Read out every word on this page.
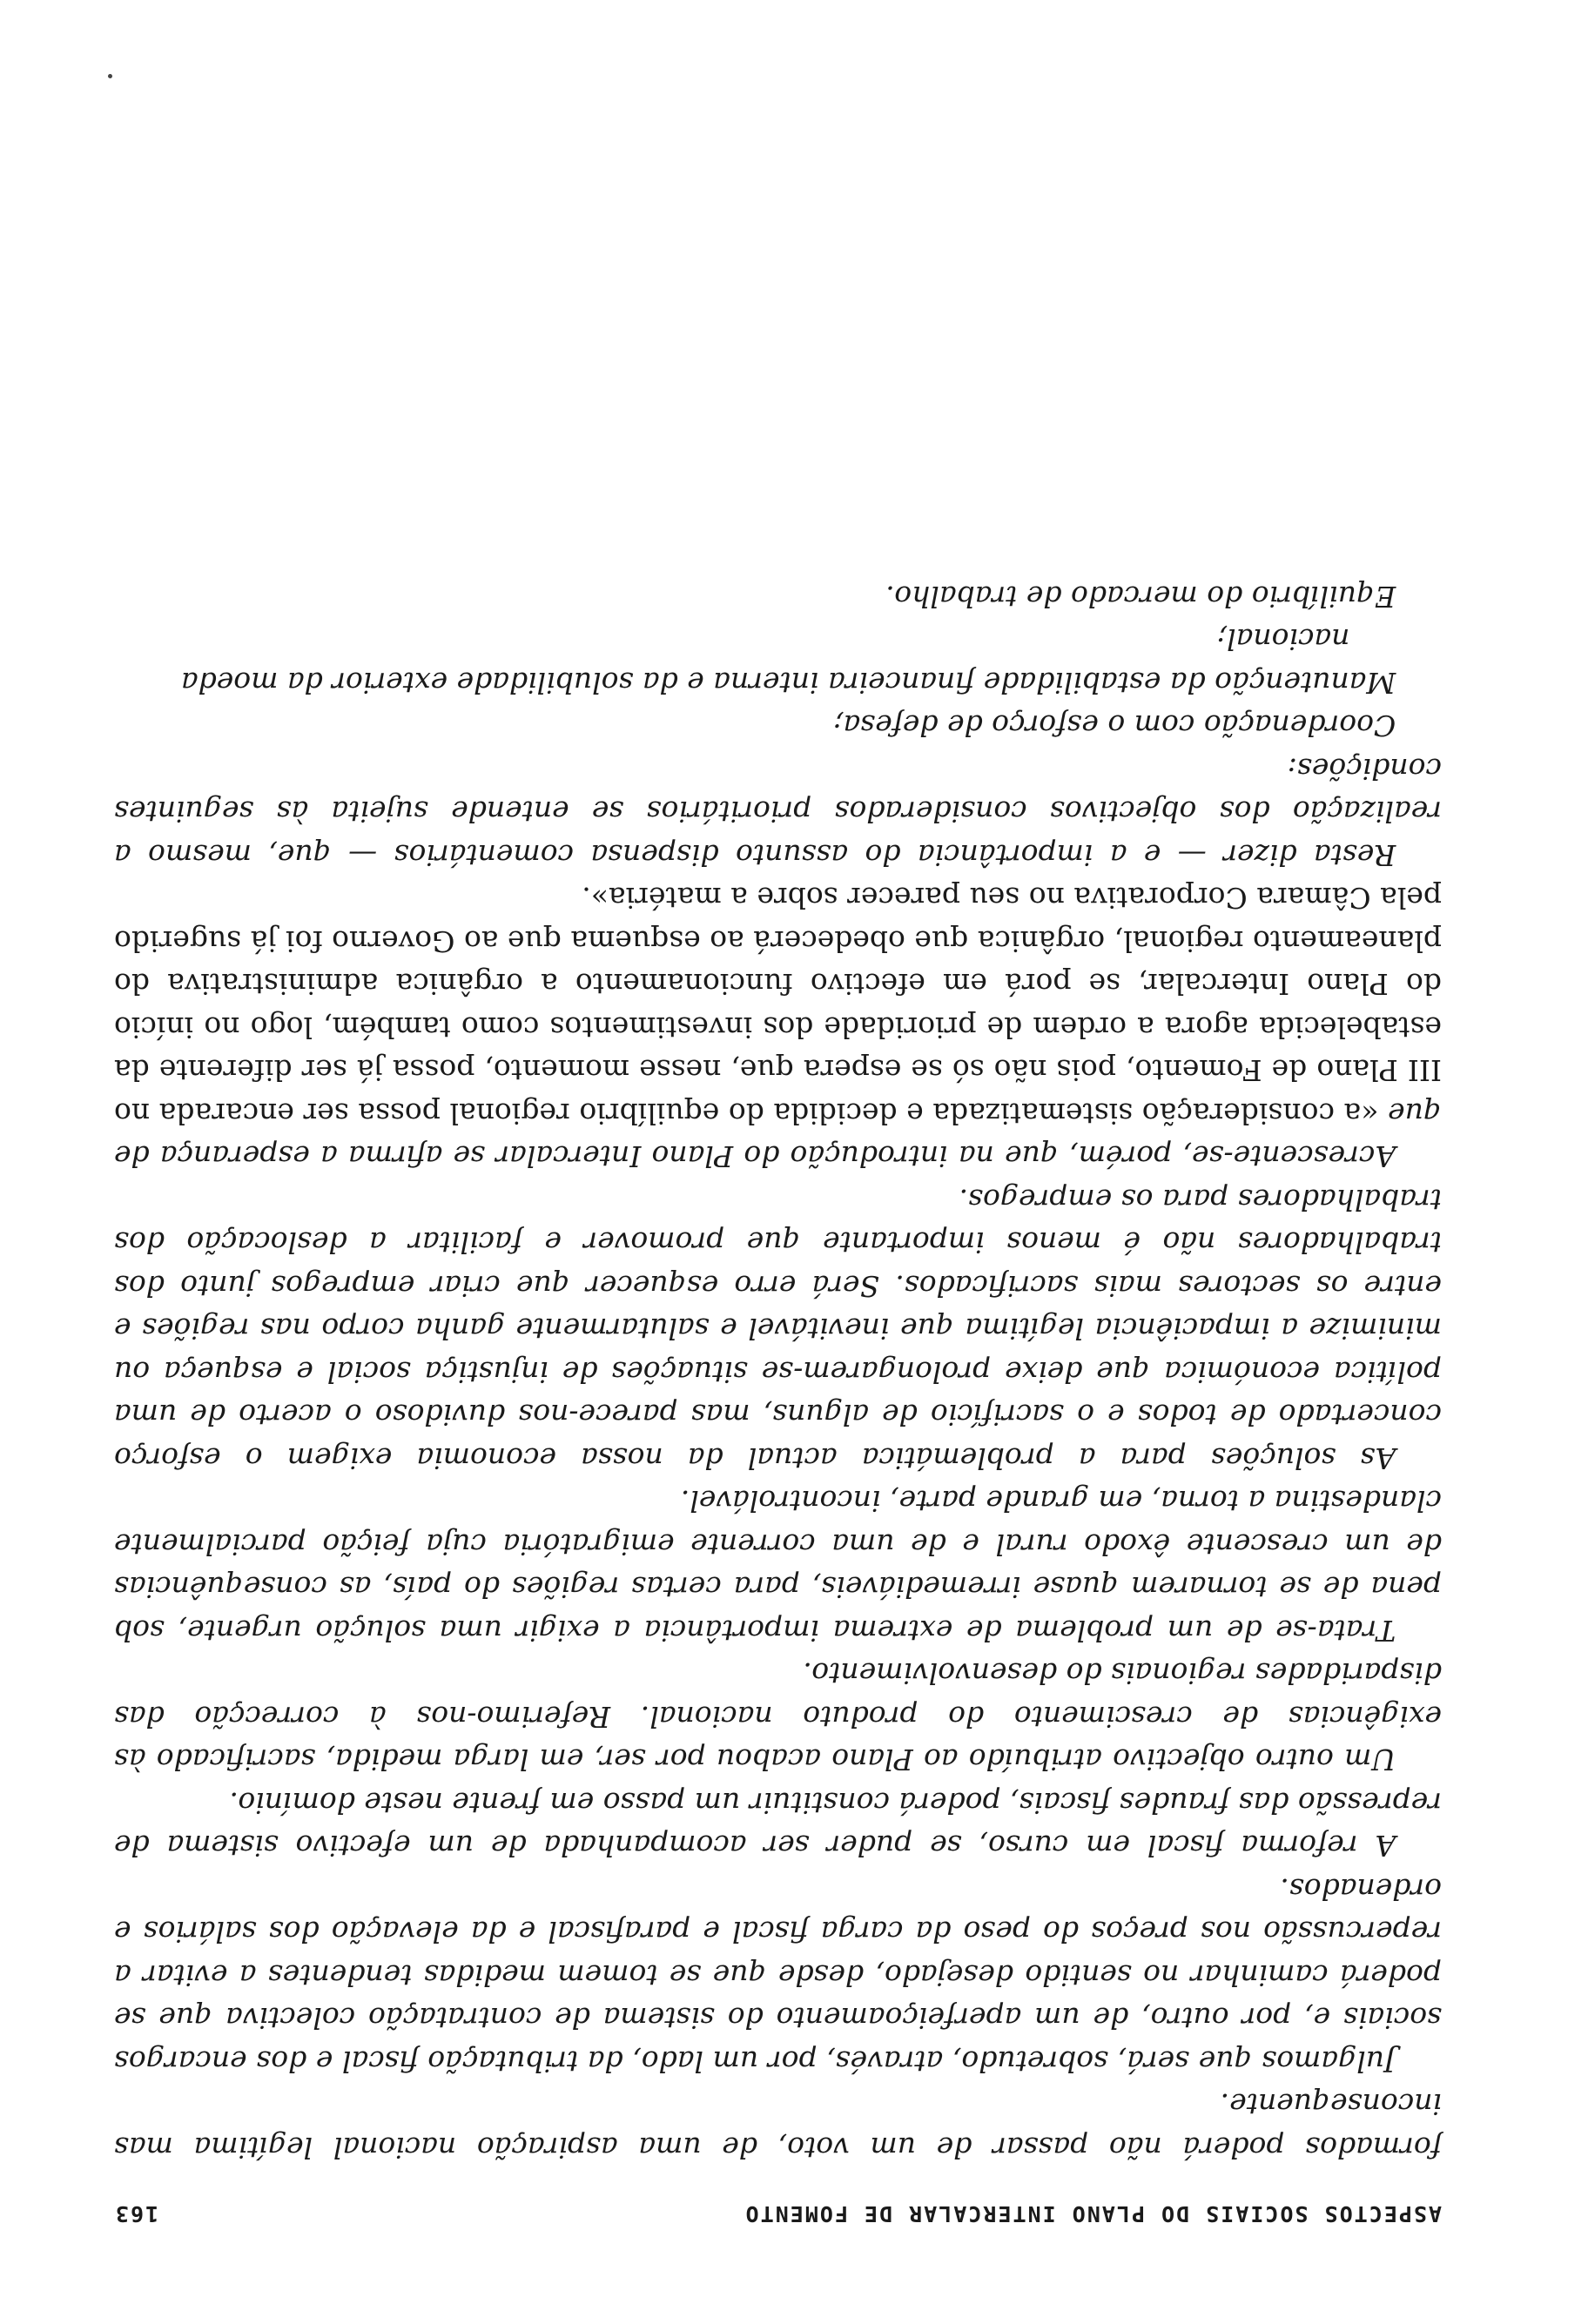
ASPECTOS SOCIAIS DO PLANO INTERCALAR DE FOMENTO
163

formados poderá não passar de um voto, de uma aspiração nacional legítima mas inconsequente.

Julgamos que será, sobretudo, através, por um lado, da tributação fiscal e dos encargos sociais e, por outro, de um aperfeiçoamento do sistema de contratação colectiva que se poderá caminhar no sentido desejado, desde que se tomem medidas tendentes a evitar a repercussão nos preços do peso da carga fiscal e parafiscal e da elevação dos salários e ordenados.

A reforma fiscal em curso, se puder ser acompanhada de um efectivo sistema de repressão das fraudes fiscais, poderá constituir um passo em frente neste domínio.

Um outro objectivo atribuído ao Plano acabou por ser, em larga medida, sacrificado às exigências de crescimento do produto nacional. Referimo-nos à correcção das disparidades regionais do desenvolvimento.

Trata-se de um problema de extrema importância a exigir uma solução urgente, sob pena de se tornarem quase irremediáveis, para certas regiões do país, as consequências de um crescente êxodo rural e de uma corrente emigratória cuja feição parcialmente clandestina a torna, em grande parte, incontrolável.

As soluções para a problemática actual da nossa economia exigem o esforço concertado de todos e o sacrifício de alguns, mas parece-nos duvidoso o acerto de uma política económica que deixe prolongarem-se situações de injustiça social e esqueça ou minimize a impaciência legítima que inevitável e salutarmente ganha corpo nas regiões e entre os sectores mais sacrificados. Será erro esquecer que criar empregos junto dos trabalhadores não é menos importante que promover e facilitar a deslocação dos trabalhadores para os empregos.

Acrescente-se, porém, que na introdução do Plano Intercalar se afirma a esperança de que «a consideração sistematizada e decidida do equilíbrio regional possa ser encarada no III Plano de Fomento, pois não só se espera que, nesse momento, possa já ser diferente da estabelecida agora a ordem de prioridade dos investimentos como também, logo no início do Plano Intercalar, se porá em efectivo funcionamento a orgânica administrativa do planeamento regional, orgânica que obedecerá ao esquema que ao Governo foi já sugerido pela Câmara Corporativa no seu parecer sobre a matéria».

Resta dizer — e a importância do assunto dispensa comentários — que, mesmo a realização dos objectivos considerados prioritários se entende sujeita às seguintes condições:

Coordenação com o esforço de defesa;
Manutenção da estabilidade financeira interna e da solubilidade exterior da moeda nacional;
Equilíbrio do mercado de trabalho.
